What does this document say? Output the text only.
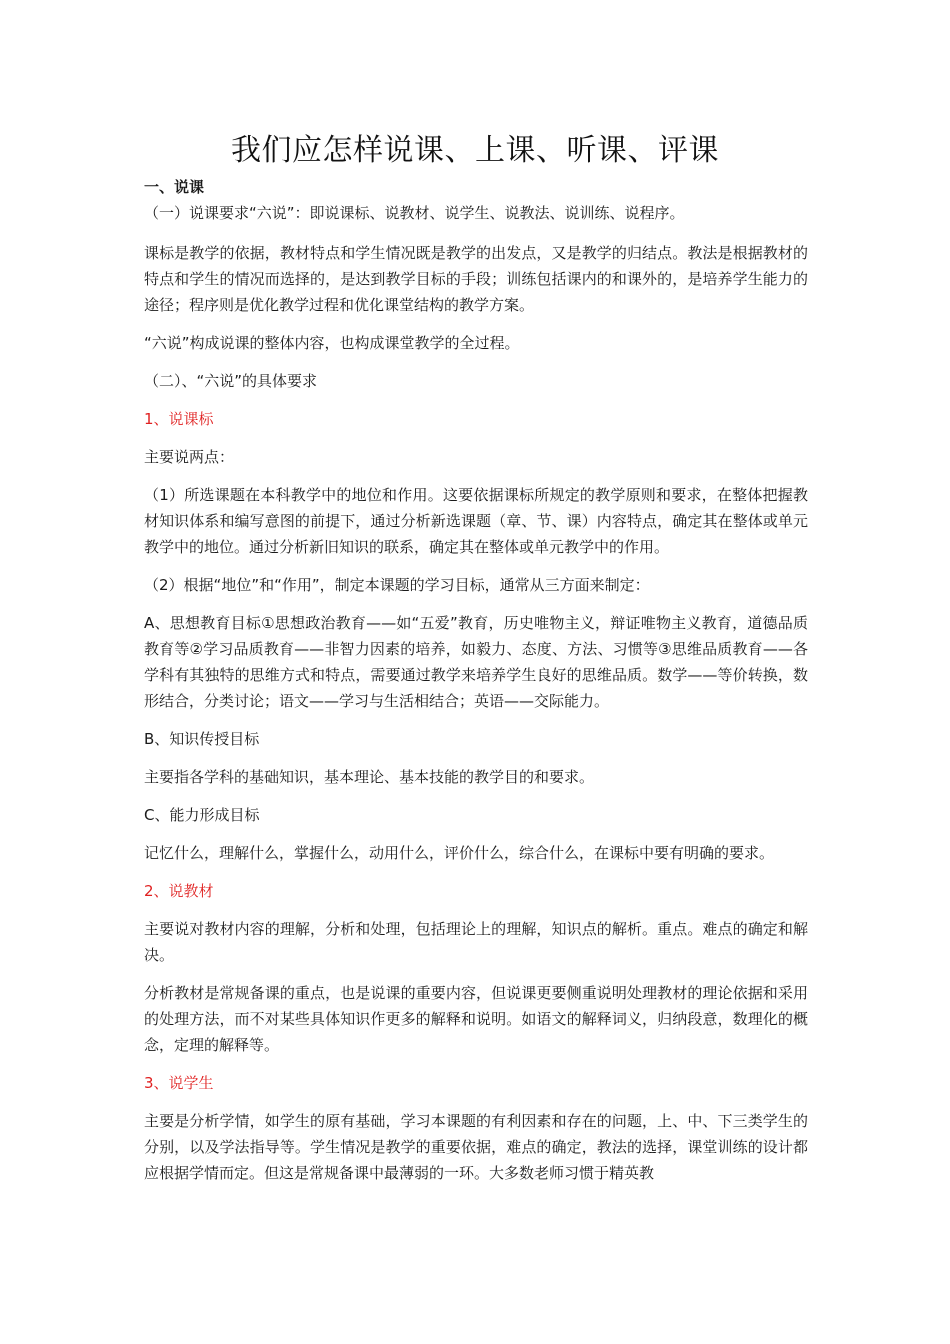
我们应怎样说课、上课、听课、评课
一、说课
（一）说课要求“六说”：即说课标、说教材、说学生、说教法、说训练、说程序。
课标是教学的依据，教材特点和学生情况既是教学的出发点，又是教学的归结点。教法是根据教材的特点和学生的情况而选择的，是达到教学目标的手段；训练包括课内的和课外的，是培养学生能力的途径；程序则是优化教学过程和优化课堂结构的教学方案。
“六说”构成说课的整体内容，也构成课堂教学的全过程。
（二）、“六说”的具体要求
1、说课标
主要说两点：
（1）所选课题在本科教学中的地位和作用。这要依据课标所规定的教学原则和要求，在整体把握教材知识体系和编写意图的前提下，通过分析新选课题（章、节、课）内容特点，确定其在整体或单元教学中的地位。通过分析新旧知识的联系，确定其在整体或单元教学中的作用。
（2）根据“地位”和“作用”，制定本课题的学习目标，通常从三方面来制定：
A、思想教育目标①思想政治教育——如“五爱”教育，历史唯物主义，辩证唯物主义教育，道德品质教育等②学习品质教育——非智力因素的培养，如毅力、态度、方法、习惯等③思维品质教育——各学科有其独特的思维方式和特点，需要通过教学来培养学生良好的思维品质。数学——等价转换，数形结合，分类讨论；语文——学习与生活相结合；英语——交际能力。
B、知识传授目标
主要指各学科的基础知识，基本理论、基本技能的教学目的和要求。
C、能力形成目标
记忆什么，理解什么，掌握什么，动用什么，评价什么，综合什么，在课标中要有明确的要求。
2、说教材
主要说对教材内容的理解，分析和处理，包括理论上的理解，知识点的解析。重点。难点的确定和解决。
分析教材是常规备课的重点，也是说课的重要内容，但说课更要侧重说明处理教材的理论依据和采用的处理方法，而不对某些具体知识作更多的解释和说明。如语文的解释词义，归纳段意，数理化的概念，定理的解释等。
3、说学生
主要是分析学情，如学生的原有基础，学习本课题的有利因素和存在的问题，上、中、下三类学生的分别，以及学法指导等。学生情况是教学的重要依据，难点的确定，教法的选择，课堂训练的设计都应根据学情而定。但这是常规备课中最薄弱的一环。大多数老师习惯于精英教
